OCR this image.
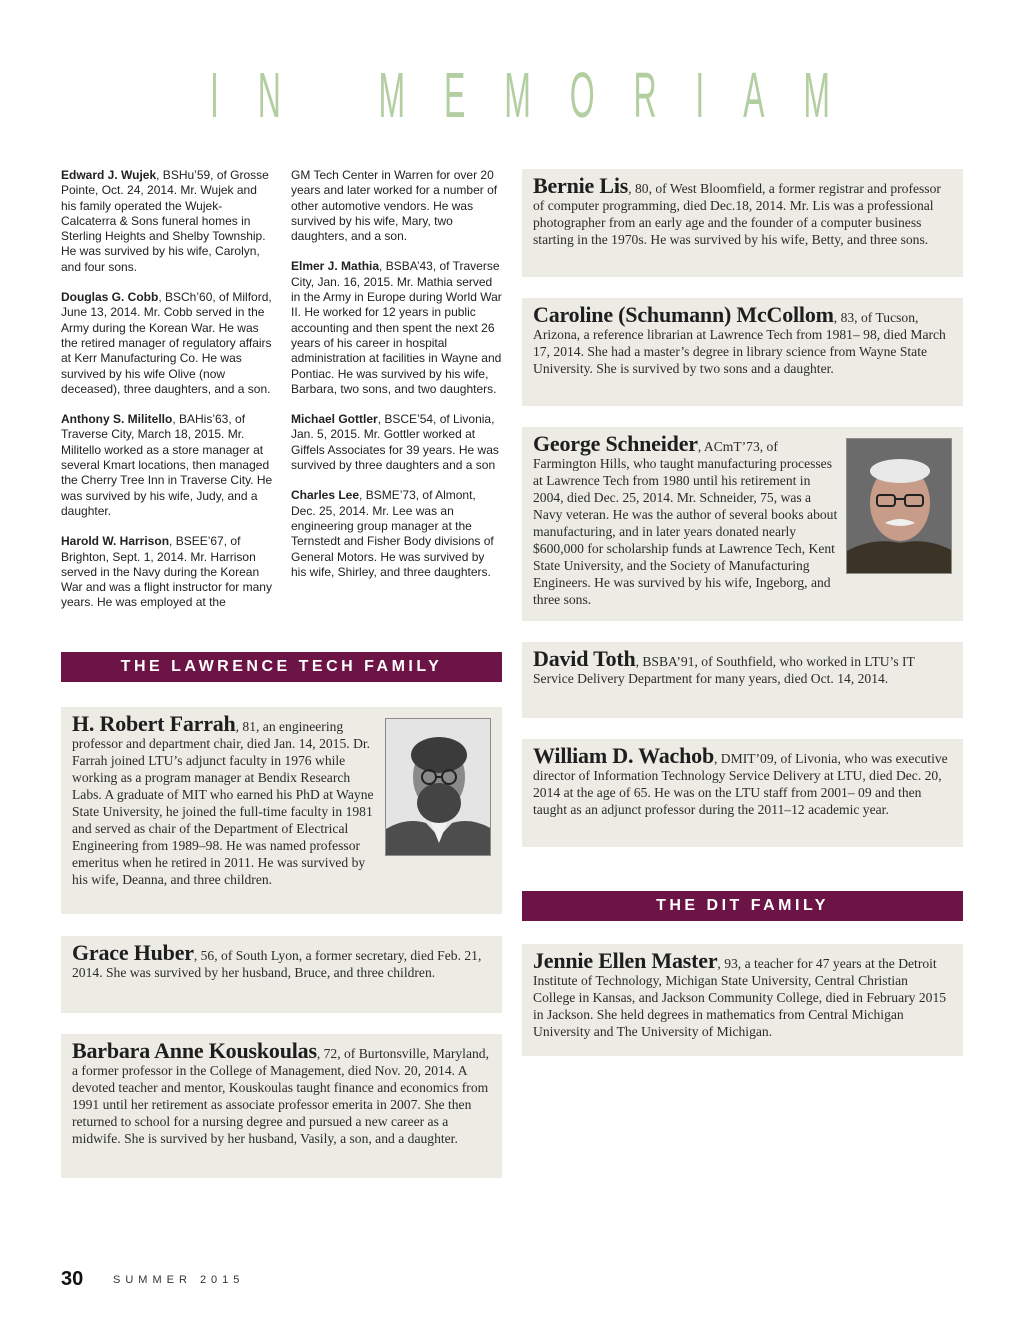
I N M E M O R I A M

Edward J. Wujek, BSHu’59, of Grosse Pointe, Oct. 24, 2014. Mr. Wujek and his family operated the Wujek-Calcaterra & Sons funeral homes in Sterling Heights and Shelby Township. He was survived by his wife, Carolyn, and four sons.

Douglas G. Cobb, BSCh’60, of Milford, June 13, 2014. Mr. Cobb served in the Army during the Korean War. He was the retired manager of regulatory affairs at Kerr Manufacturing Co. He was survived by his wife Olive (now deceased), three daughters, and a son.

Anthony S. Militello, BAHis’63, of Traverse City, March 18, 2015. Mr. Militello worked as a store manager at several Kmart locations, then managed the Cherry Tree Inn in Traverse City. He was survived by his wife, Judy, and a daughter.

Harold W. Harrison, BSEE’67, of Brighton, Sept. 1, 2014. Mr. Harrison served in the Navy during the Korean War and was a flight instructor for many years. He was employed at the

GM Tech Center in Warren for over 20 years and later worked for a number of other automotive vendors. He was survived by his wife, Mary, two daughters, and a son.

Elmer J. Mathia, BSBA’43, of Traverse City, Jan. 16, 2015. Mr. Mathia served in the Army in Europe during World War II. He worked for 12 years in public accounting and then spent the next 26 years of his career in hospital administration at facilities in Wayne and Pontiac. He was survived by his wife, Barbara, two sons, and two daughters.

Michael Gottler, BSCE’54, of Livonia, Jan. 5, 2015. Mr. Gottler worked at Giffels Associates for 39 years. He was survived by three daughters and a son

Charles Lee, BSME’73, of Almont, Dec. 25, 2014. Mr. Lee was an engineering group manager at the Ternstedt and Fisher Body divisions of General Motors. He was survived by his wife, Shirley, and three daughters.

THE LAWRENCE TECH FAMILY
H. Robert Farrah, 81, an engineering professor and department chair, died Jan. 14, 2015. Dr. Farrah joined LTU’s adjunct faculty in 1976 while working as a program manager at Bendix Research Labs. A graduate of MIT who earned his PhD at Wayne State University, he joined the full-time faculty in 1981 and served as chair of the Department of Electrical Engineering from 1989–98. He was named professor emeritus when he retired in 2011. He was survived by his wife, Deanna, and three children.
Grace Huber, 56, of South Lyon, a former secretary, died Feb. 21, 2014. She was survived by her husband, Bruce, and three children.
Barbara Anne Kouskoulas, 72, of Burtonsville, Maryland, a former professor in the College of Management, died Nov. 20, 2014. A devoted teacher and mentor, Kouskoulas taught finance and economics from 1991 until her retirement as associate professor emerita in 2007. She then returned to school for a nursing degree and pursued a new career as a midwife. She is survived by her husband, Vasily, a son, and a daughter.
Bernie Lis, 80, of West Bloomfield, a former registrar and professor of computer programming, died Dec.18, 2014. Mr. Lis was a professional photographer from an early age and the founder of a computer business starting in the 1970s. He was survived by his wife, Betty, and three sons.
Caroline (Schumann) McCollom, 83, of Tucson, Arizona, a reference librarian at Lawrence Tech from 1981– 98, died March 17, 2014. She had a master’s degree in library science from Wayne State University. She is survived by two sons and a daughter.
George Schneider, ACmT’73, of Farmington Hills, who taught manufacturing processes at Lawrence Tech from 1980 until his retirement in 2004, died Dec. 25, 2014. Mr. Schneider, 75, was a Navy veteran. He was the author of several books about manufacturing, and in later years donated nearly $600,000 for scholarship funds at Lawrence Tech, Kent State University, and the Society of Manufacturing Engineers. He was survived by his wife, Ingeborg, and three sons.
David Toth, BSBA’91, of Southfield, who worked in LTU’s IT Service Delivery Department for many years, died Oct. 14, 2014.
William D. Wachob, DMIT’09, of Livonia, who was executive director of Information Technology Service Delivery at LTU, died Dec. 20, 2014 at the age of 65. He was on the LTU staff from 2001– 09 and then taught as an adjunct professor during the 2011–12 academic year.
THE DIT FAMILY
Jennie Ellen Master, 93, a teacher for 47 years at the Detroit Institute of Technology, Michigan State University, Central Christian College in Kansas, and Jackson Community College, died in February 2015 in Jackson. She held degrees in mathematics from Central Michigan University and The University of Michigan.
30	SUMMER 2015
